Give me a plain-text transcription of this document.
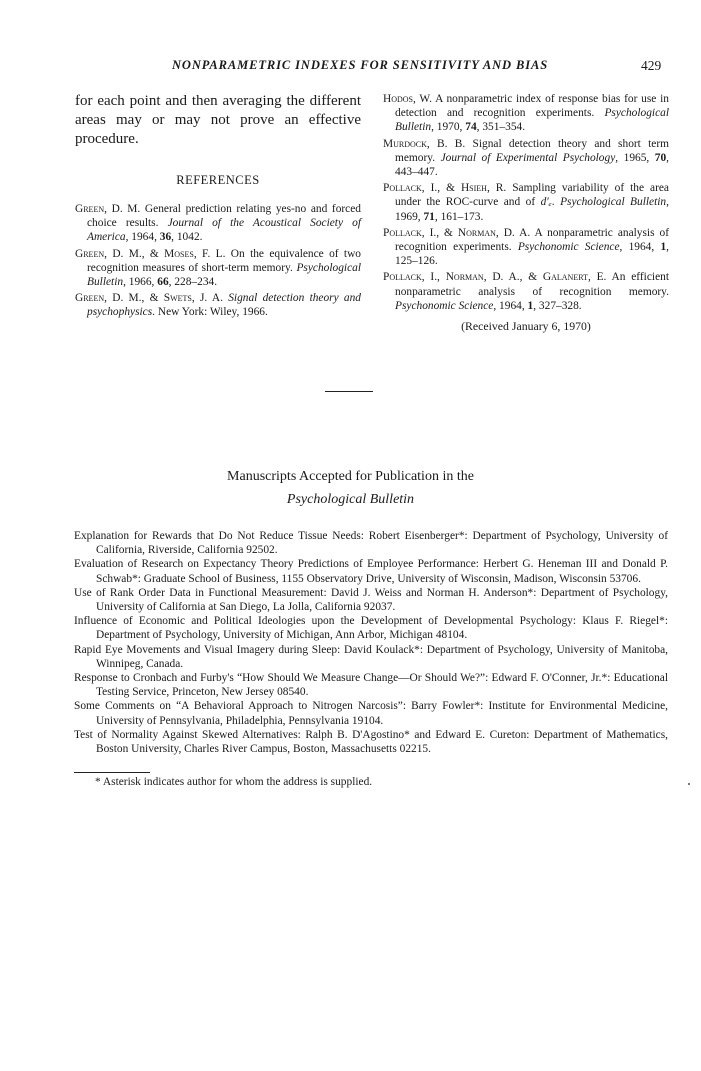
NONPARAMETRIC INDEXES FOR SENSITIVITY AND BIAS	429

for each point and then averaging the different areas may or may not prove an effective procedure.

REFERENCES

Green, D. M. General prediction relating yes-no and forced choice results. Journal of the Acoustical Society of America, 1964, 36, 1042.

Green, D. M., & Moses, F. L. On the equivalence of two recognition measures of short-term memory. Psychological Bulletin, 1966, 66, 228–234.

Green, D. M., & Swets, J. A. Signal detection theory and psychophysics. New York: Wiley, 1966.

Hodos, W. A nonparametric index of response bias for use in detection and recognition experiments. Psychological Bulletin, 1970, 74, 351–354.

Murdock, B. B. Signal detection theory and short term memory. Journal of Experimental Psychology, 1965, 70, 443–447.

Pollack, I., & Hsieh, R. Sampling variability of the area under the ROC-curve and of d′ₑ. Psychological Bulletin, 1969, 71, 161–173.

Pollack, I., & Norman, D. A. A nonparametric analysis of recognition experiments. Psychonomic Science, 1964, 1, 125–126.

Pollack, I., Norman, D. A., & Galanert, E. An efficient nonparametric analysis of recognition memory. Psychonomic Science, 1964, 1, 327–328.

(Received January 6, 1970)
Manuscripts Accepted for Publication in the
Psychological Bulletin

Explanation for Rewards that Do Not Reduce Tissue Needs: Robert Eisenberger*: Department of Psychology, University of California, Riverside, California 92502.

Evaluation of Research on Expectancy Theory Predictions of Employee Performance: Herbert G. Heneman III and Donald P. Schwab*: Graduate School of Business, 1155 Observatory Drive, University of Wisconsin, Madison, Wisconsin 53706.

Use of Rank Order Data in Functional Measurement: David J. Weiss and Norman H. Anderson*: Department of Psychology, University of California at San Diego, La Jolla, California 92037.

Influence of Economic and Political Ideologies upon the Development of Developmental Psychology: Klaus F. Riegel*: Department of Psychology, University of Michigan, Ann Arbor, Michigan 48104.

Rapid Eye Movements and Visual Imagery during Sleep: David Koulack*: Department of Psychology, University of Manitoba, Winnipeg, Canada.

Response to Cronbach and Furby's “How Should We Measure Change—Or Should We?”: Edward F. O'Conner, Jr.*: Educational Testing Service, Princeton, New Jersey 08540.

Some Comments on “A Behavioral Approach to Nitrogen Narcosis”: Barry Fowler*: Institute for Environmental Medicine, University of Pennsylvania, Philadelphia, Pennsylvania 19104.

Test of Normality Against Skewed Alternatives: Ralph B. D'Agostino* and Edward E. Cureton: Department of Mathematics, Boston University, Charles River Campus, Boston, Massachusetts 02215.

* Asterisk indicates author for whom the address is supplied.
